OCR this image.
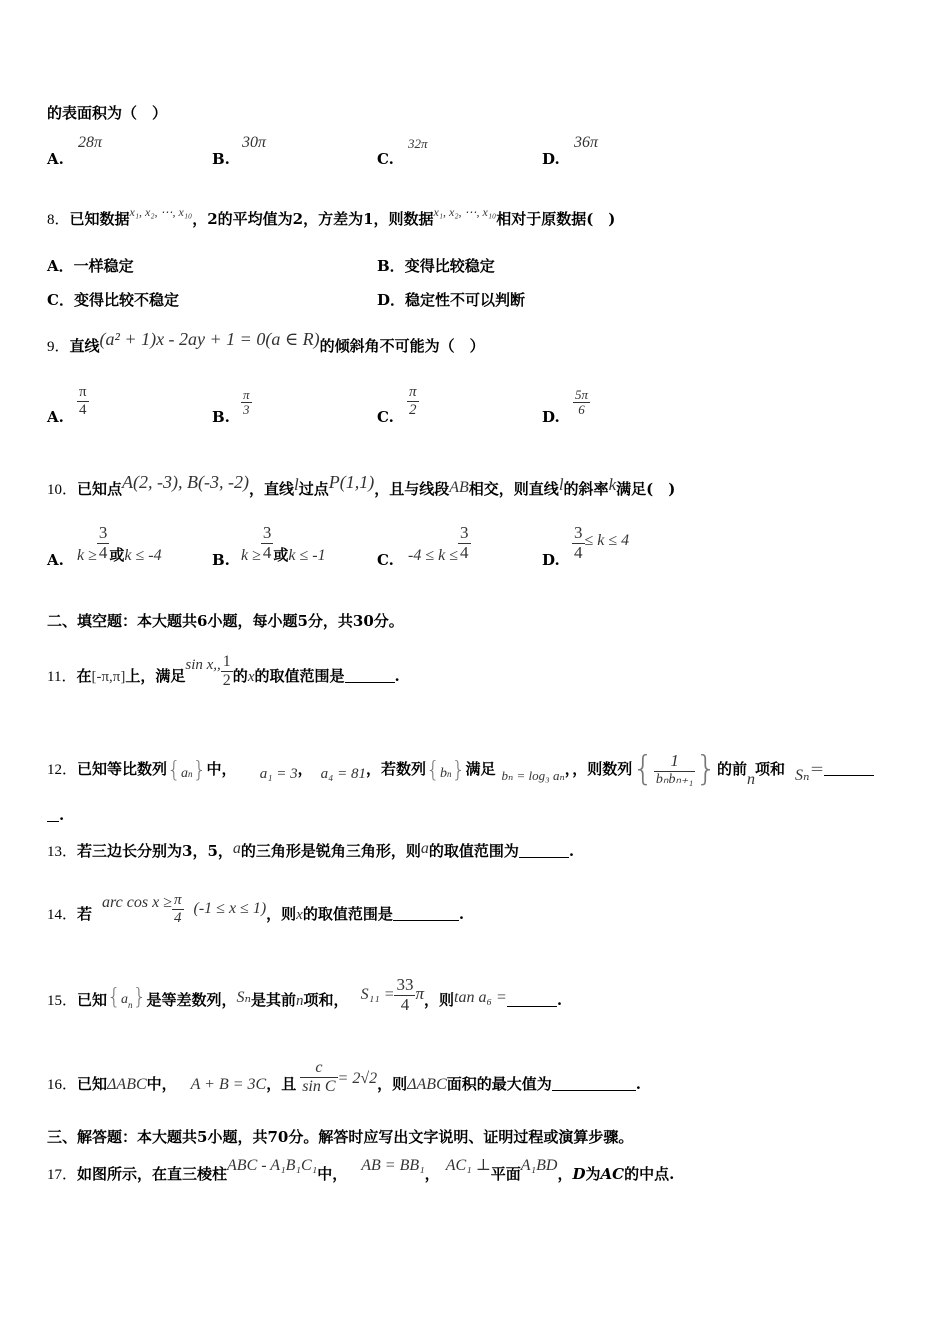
的表面积为（　）
A.
28π
B.
30π
C.
32π
D.
36π
8．已知数据$^{x_1, x_2, \cdots, x_{10}}$，2的平均值为2，方差为1，则数据$^{x_1, x_2, \cdots, x_{10}}$相对于原数据(　)
A．一样稳定	B．变得比较稳定
C．变得比较不稳定	D．稳定性不可以判断
9．直线(a² + 1)x - 2ay + 1 = 0(a ∈ R)的倾斜角不可能为（　）
A. $\frac{\pi}{4}$	B. $\frac{\pi}{3}$	C. $\frac{\pi}{2}$	D. $\frac{5\pi}{6}$
10．已知点A(2, -3), B(-3, -2)，直线l过点P(1,1)，且与线段AB相交，则直线l的斜率k满足(　)
A. $k \ge \frac{3}{4}$ 或k ≤ -4	B. $k \ge \frac{3}{4}$ 或k ≤ -1	C. $-4 \le k \le \frac{3}{4}$	D. $\frac{3}{4} \le k \le 4$
二、填空题：本大题共6小题，每小题5分，共30分。
11．在[-π,π]上，满足sin x,, $\frac{1}{2}$ 的x的取值范围是	.
12．已知等比数列$\{a_n\}$中， a₁ = 3， a₄ = 81，若数列$\{b_n\}$满足 bₙ = log₃ aₙ，，则数列{ $\frac{1}{\text{bₙbₙ₊₁}}$ }的前n项和 Sₙ＝
.
13．若三边长分别为3，5，a的三角形是锐角三角形，则a的取值范围为	.
14．若arc $\cos x \ge \frac{\pi}{4} (-1 \le x \le 1)$，则x的取值范围是	.
15．已知$\{a_n\}$是等差数列，Sₙ是其前n项和， $S_{11} = \frac{33}{4}$ π，则tan a₆ =	.
16．已知ΔABC中， A + B = 3C，且 $\frac{c}{\text{sin C}} = 2√2$，则ΔABC面积的最大值为	.
三、解答题：本大题共5小题，共70分。解答时应写出文字说明、证明过程或演算步骤。
17．如图所示，在直三棱柱ABC - A₁B₁C₁中， AB = BB₁， AC₁ ⊥平面A₁BD，D为AC的中点.
